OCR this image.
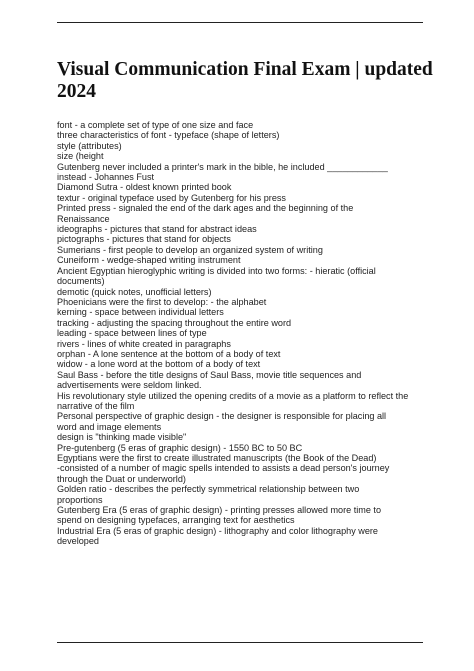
Visual Communication Final Exam | updated
2024

font - a complete set of type of one size and face

three characteristics of font - typeface (shape of letters)

style (attributes)

size (height

Gutenberg never included a printer's mark in the bible, he included ____________

instead - Johannes Fust

Diamond Sutra - oldest known printed book

textur - original typeface used by Gutenberg for his press

Printed press - signaled the end of the dark ages and the beginning of the

Renaissance

ideographs - pictures that stand for abstract ideas

pictographs - pictures that stand for objects

Sumerians - first people to develop an organized system of writing

Cuneiform - wedge-shaped writing instrument

Ancient Egyptian hieroglyphic writing is divided into two forms: - hieratic (official

documents)

demotic (quick notes, unofficial letters)

Phoenicians were the first to develop: - the alphabet

kerning - space between individual letters

tracking - adjusting the spacing throughout the entire word

leading - space between lines of type

rivers - lines of white created in paragraphs

orphan - A lone sentence at the bottom of a body of text

widow - a lone word at the bottom of a body of text

Saul Bass - before the title designs of Saul Bass, movie title sequences and

advertisements were seldom linked.

His revolutionary style utilized the opening credits of a movie as a platform to reflect the

narrative of the film

Personal perspective of graphic design - the designer is responsible for placing all

word and image elements

design is "thinking made visible"

Pre-gutenberg (5 eras of graphic design) - 1550 BC to 50 BC

Egyptians were the first to create illustrated manuscripts (the Book of the Dead)

-consisted of a number of magic spells intended to assists a dead person's journey

through the Duat or underworld)

Golden ratio - describes the perfectly symmetrical relationship between two

proportions

Gutenberg Era (5 eras of graphic design) - printing presses allowed more time to

spend on designing typefaces, arranging text for aesthetics

Industrial Era (5 eras of graphic design) - lithography and color lithography were

developed
